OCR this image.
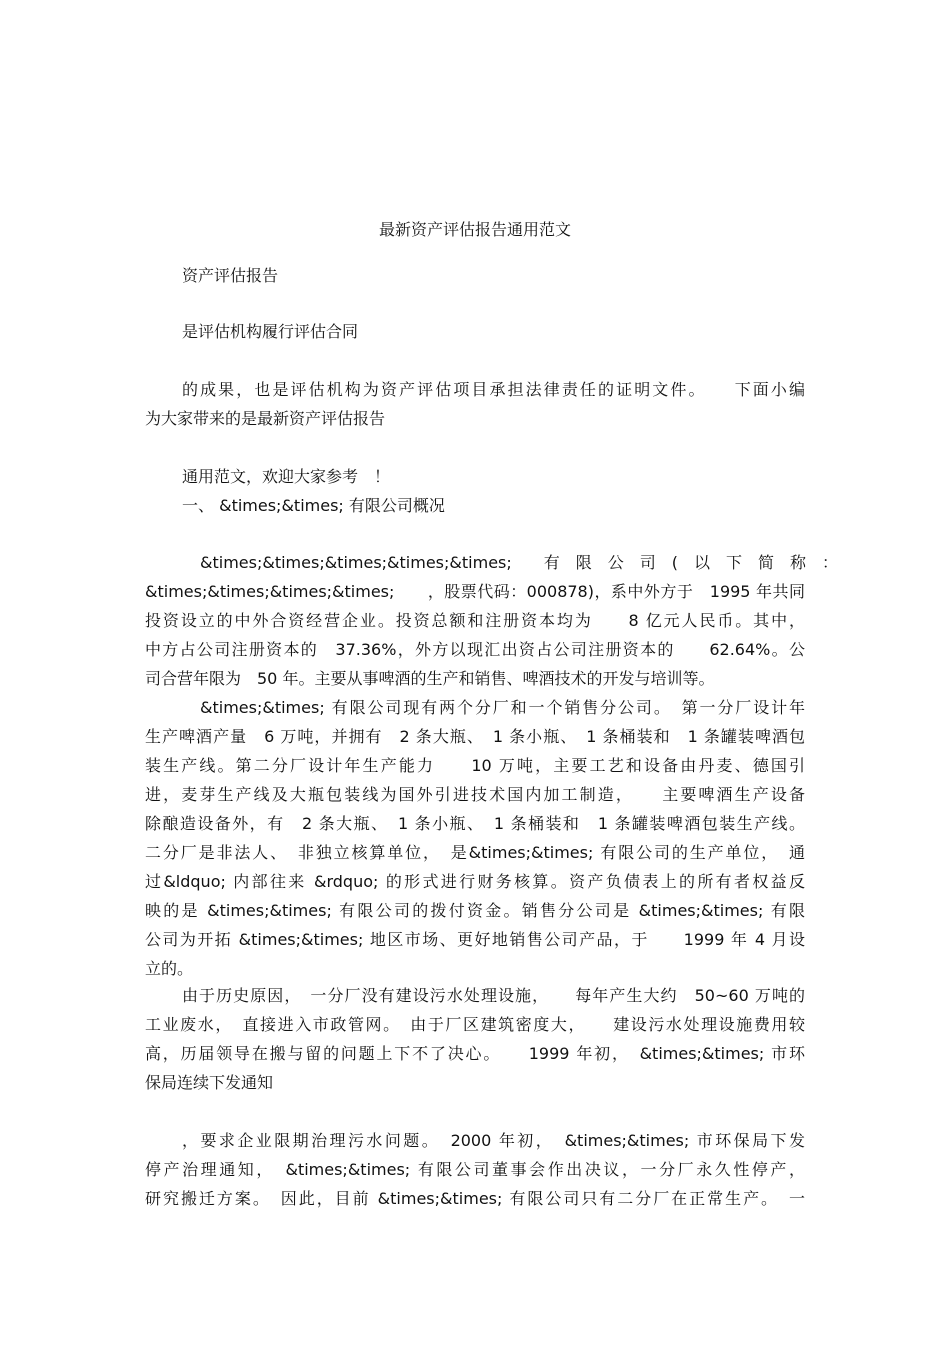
最新资产评估报告通用范文
资产评估报告
是评估机构履行评估合同
的成果，也是评估机构为资产评估项目承担法律责任的证明文件。　　下面小编
为大家带来的是最新资产评估报告
通用范文，欢迎大家参考　！
一、 &times;&times; 有限公司概况
&times;&times;&times;&times;&times;　　有　限　公　司　(　以　下　简　称　：
&times;&times;&times;&times;　　，股票代码：000878)，系中外方于　1995 年共同
投资设立的中外合资经营企业。投资总额和注册资本均为　　8 亿元人民币。其中，
中方占公司注册资本的　37.36%，外方以现汇出资占公司注册资本的　　62.64%。公
司合营年限为　50 年。主要从事啤酒的生产和销售、啤酒技术的开发与培训等。
&times;&times; 有限公司现有两个分厂和一个销售分公司。　第一分厂设计年
生产啤酒产量　6 万吨，并拥有　2 条大瓶、　1 条小瓶、　1 条桶装和　1 条罐装啤酒包
装生产线。第二分厂设计年生产能力　　10 万吨，主要工艺和设备由丹麦、德国引
进，麦芽生产线及大瓶包装线为国外引进技术国内加工制造，　　主要啤酒生产设备
除酿造设备外，有　2 条大瓶、　1 条小瓶、　1 条桶装和　1 条罐装啤酒包装生产线。
二分厂是非法人、　非独立核算单位，　是&times;&times; 有限公司的生产单位，　通
过&ldquo; 内部往来 &rdquo; 的形式进行财务核算。资产负债表上的所有者权益反
映的是 &times;&times; 有限公司的拨付资金。销售分公司是 &times;&times; 有限
公司为开拓 &times;&times; 地区市场、更好地销售公司产品，于　　1999 年 4 月设
立的。
由于历史原因，　一分厂没有建设污水处理设施，　　每年产生大约　50~60 万吨的
工业废水，　直接进入市政管网。　由于厂区建筑密度大，　　建设污水处理设施费用较
高，历届领导在搬与留的问题上下不了决心。　　1999 年初，　&times;&times; 市环
保局连续下发通知
，要求企业限期治理污水问题。　2000 年初，　&times;&times; 市环保局下发
停产治理通知，　&times;&times; 有限公司董事会作出决议，一分厂永久性停产，
研究搬迁方案。　因此，目前 &times;&times; 有限公司只有二分厂在正常生产。　一
